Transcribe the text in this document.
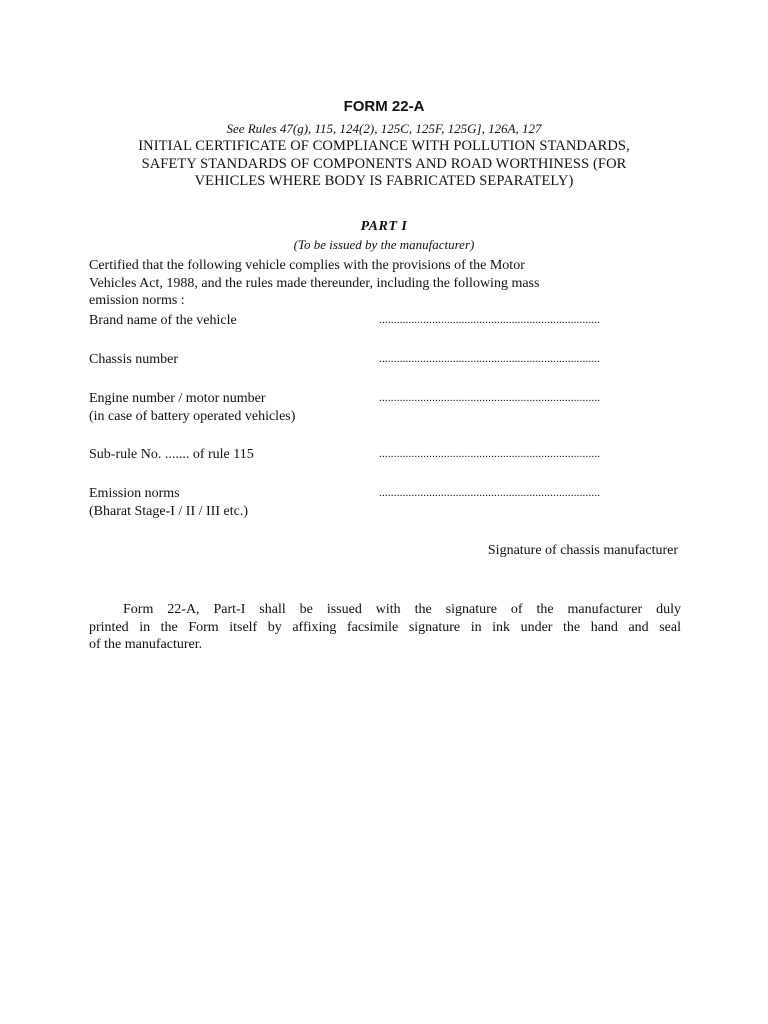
FORM 22-A
See Rules 47(g), 115, 124(2), 125C, 125F, 125G], 126A, 127
INITIAL CERTIFICATE OF COMPLIANCE WITH POLLUTION STANDARDS,
SAFETY STANDARDS OF COMPONENTS AND ROAD WORTHINESS (FOR
VEHICLES WHERE BODY IS FABRICATED SEPARATELY)
PART I
(To be issued by the manufacturer)
Certified that the following vehicle complies with the provisions of the Motor
Vehicles Act, 1988, and the rules made thereunder, including the following mass
emission norms :
Brand name of the vehicle	...........................................................................
Chassis number	...........................................................................
Engine number / motor number
(in case of battery operated vehicles)
...........................................................................
Sub-rule No. ....... of rule 115	...........................................................................
Emission norms
(Bharat Stage-I / II / III etc.)
...........................................................................
Signature of chassis manufacturer
Form 22-A, Part-I shall be issued with the signature of the manufacturer duly
printed in the Form itself by affixing facsimile signature in ink under the hand and seal
of the manufacturer.
